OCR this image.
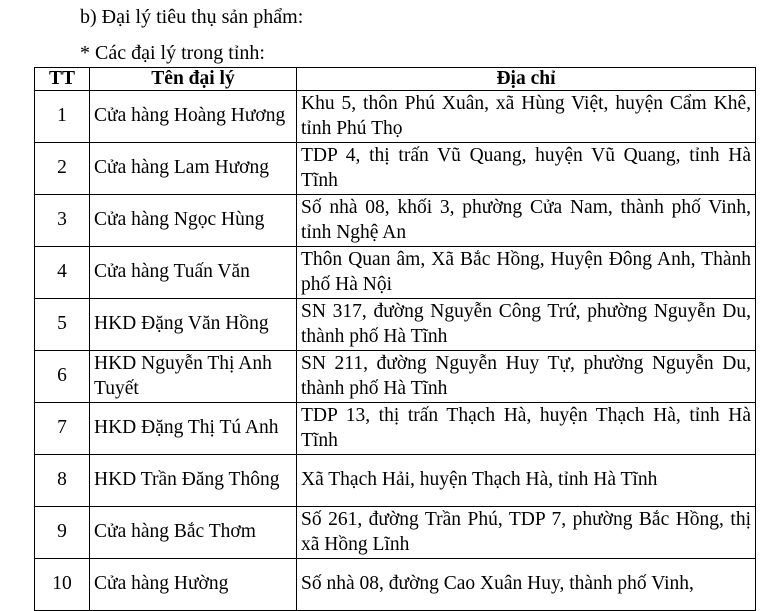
b) Đại lý tiêu thụ sản phẩm:
* Các đại lý trong tỉnh:
TT	Tên đại lý	Địa chỉ
1	Cửa hàng Hoàng Hương	Khu 5, thôn Phú Xuân, xã Hùng Việt, huyện Cẩm Khê, tỉnh Phú Thọ
2	Cửa hàng Lam Hương	TDP 4, thị trấn Vũ Quang, huyện Vũ Quang, tỉnh Hà Tĩnh
3	Cửa hàng Ngọc Hùng	Số nhà 08, khối 3, phường Cửa Nam, thành phố Vinh, tỉnh Nghệ An
4	Cửa hàng Tuấn Văn	Thôn Quan âm, Xã Bắc Hồng, Huyện Đông Anh, Thành phố Hà Nội
5	HKD Đặng Văn Hồng	SN 317, đường Nguyễn Công Trứ, phường Nguyễn Du, thành phố Hà Tĩnh
6	HKD Nguyễn Thị Anh Tuyết	SN 211, đường Nguyễn Huy Tự, phường Nguyễn Du, thành phố Hà Tĩnh
7	HKD Đặng Thị Tú Anh	TDP 13, thị trấn Thạch Hà, huyện Thạch Hà, tỉnh Hà Tĩnh
8	HKD Trần Đăng Thông	Xã Thạch Hải, huyện Thạch Hà, tỉnh Hà Tĩnh
9	Cửa hàng Bắc Thơm	Số 261, đường Trần Phú, TDP 7, phường Bắc Hồng, thị xã Hồng Lĩnh
10	Cửa hàng Hường	Số nhà 08, đường Cao Xuân Huy, thành phố Vinh,
